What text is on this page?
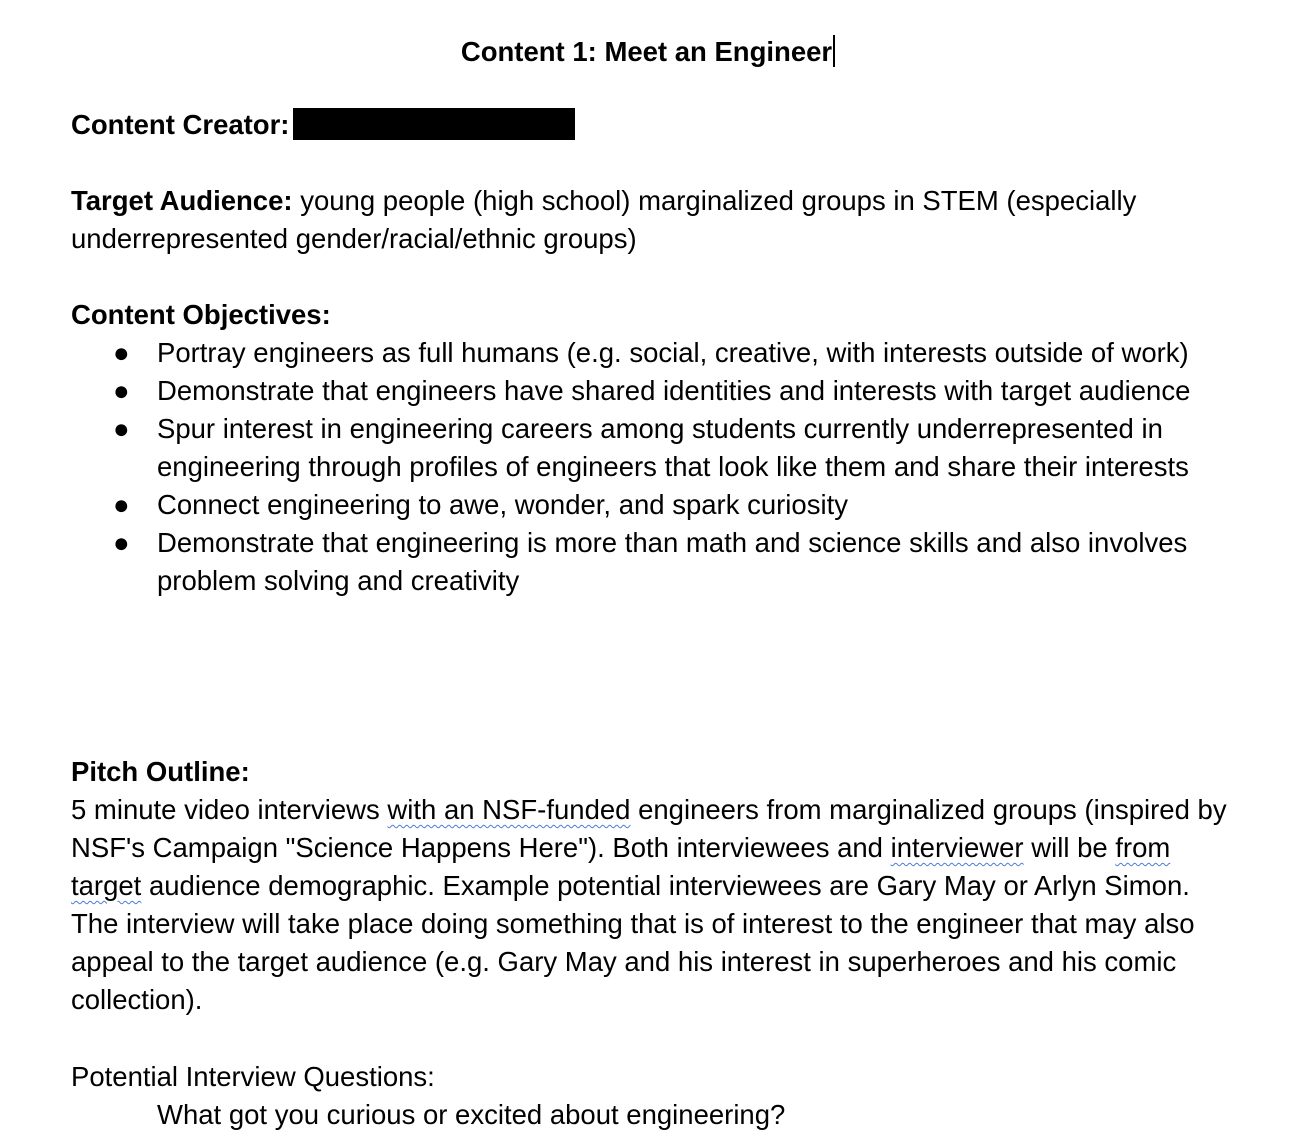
Content 1: Meet an Engineer
Content Creator:
Target Audience: young people (high school) marginalized groups in STEM (especially underrepresented gender/racial/ethnic groups)
Content Objectives:
● Portray engineers as full humans (e.g. social, creative, with interests outside of work)
● Demonstrate that engineers have shared identities and interests with target audience
● Spur interest in engineering careers among students currently underrepresented in engineering through profiles of engineers that look like them and share their interests
● Connect engineering to awe, wonder, and spark curiosity
● Demonstrate that engineering is more than math and science skills and also involves problem solving and creativity
Pitch Outline:
5 minute video interviews with an NSF-funded engineers from marginalized groups (inspired by NSF's Campaign "Science Happens Here"). Both interviewees and interviewer will be from target audience demographic. Example potential interviewees are Gary May or Arlyn Simon. The interview will take place doing something that is of interest to the engineer that may also appeal to the target audience (e.g. Gary May and his interest in superheroes and his comic collection).
Potential Interview Questions:
What got you curious or excited about engineering?
